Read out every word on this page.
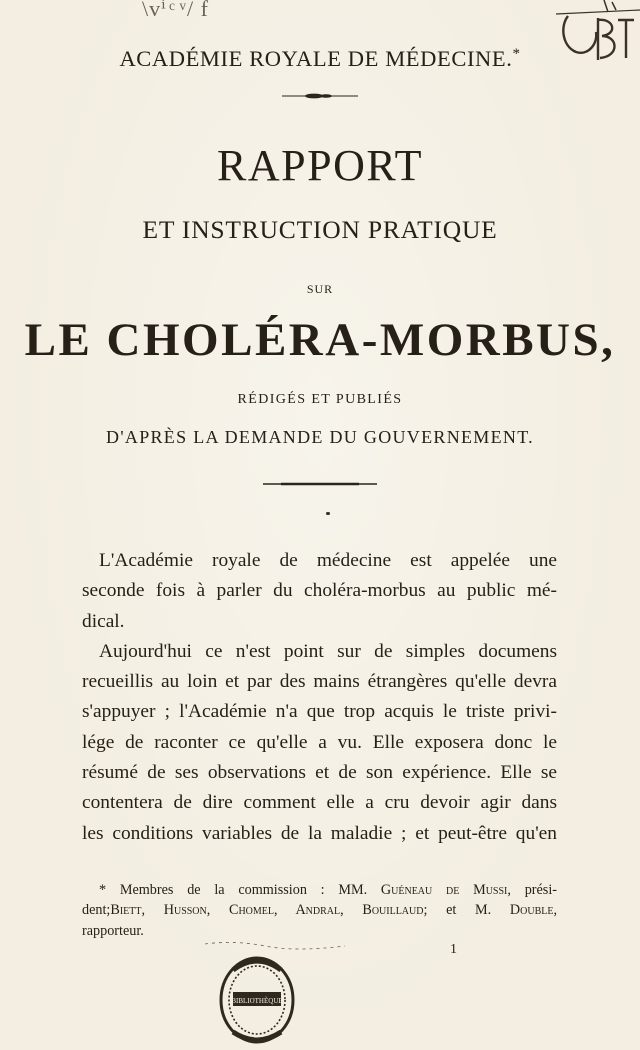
\vⁱ ͨ ᵛ/ f
ACADÉMIE ROYALE DE MÉDECINE.*
RAPPORT
ET INSTRUCTION PRATIQUE
SUR
LE CHOLÉRA-MORBUS,
RÉDIGÉS ET PUBLIÉS
D'APRÈS LA DEMANDE DU GOUVERNEMENT.

L'Académie royale de médecine est appelée une
seconde fois à parler du choléra-morbus au public mé-
dical.

Aujourd'hui ce n'est point sur de simples documens
recueillis au loin et par des mains étrangères qu'elle devra
s'appuyer ; l'Académie n'a que trop acquis le triste privi-
lége de raconter ce qu'elle a vu. Elle exposera donc le
résumé de ses observations et de son expérience. Elle se
contentera de dire comment elle a cru devoir agir dans
les conditions variables de la maladie ; et peut-être qu'en

* Membres de la commission : MM. Guéneau de Mussi, prési-
dent;Biett, Husson, Chomel, Andral, Bouillaud; et M. Double,
rapporteur.
1
BIBLIOTHÈQUE
